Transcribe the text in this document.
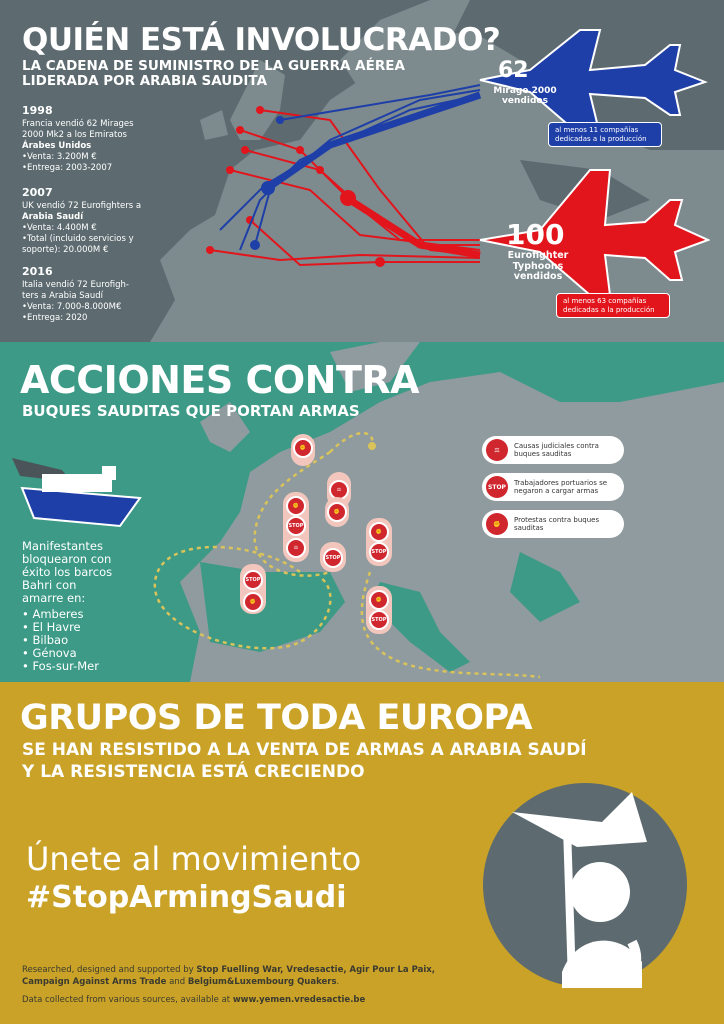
QUIÉN ESTÁ INVOLUCRADO?
LA CADENA DE SUMINISTRO DE LA GUERRA AÉREA
LIDERADA POR ARABIA SAUDITA
1998
Francia vendió 62 Mirages
2000 Mk2 a los Emiratos
Árabes Unidos
•Venta: 3.200M €
•Entrega: 2003-2007
2007
UK vendió 72 Eurofighters a
Arabia Saudí
•Venta: 4.400M €
•Total (incluido servicios y
soporte): 20.000M €
2016
Italia vendió 72 Eurofigh-
ters a Arabia Saudí
•Venta: 7.000-8.000M€
•Entrega: 2020
62
Mirage 2000
vendidos
al menos 11 compañías
dedicadas a la producción
100
Eurofighter
Typhoons
vendidos
al menos 63 compañías
dedicadas a la producción
ACCIONES CONTRA
BUQUES SAUDITAS QUE PORTAN ARMAS
⚖
Causas judiciales contra
buques sauditas
STOP
Trabajadores portuarios se
negaron a cargar armas
✊
Protestas contra buques
sauditas
✊
⚖
✊
STOP
⚖
✊
STOP
✊
STOP
STOP
✊	✊
STOP
Manifestantes
bloquearon con
éxito los barcos
Bahri con
amarre en:
• Amberes
• El Havre
• Bilbao
• Génova
• Fos-sur-Mer
GRUPOS DE TODA EUROPA
SE HAN RESISTIDO A LA VENTA DE ARMAS A ARABIA SAUDÍ
Y LA RESISTENCIA ESTÁ CRECIENDO
Únete al movimiento
#StopArmingSaudi
Researched, designed and supported by Stop Fuelling War, Vredesactie, Agir Pour La Paix,
Campaign Against Arms Trade and Belgium&Luxembourg Quakers.
Data collected from various sources, available at www.yemen.vredesactie.be
